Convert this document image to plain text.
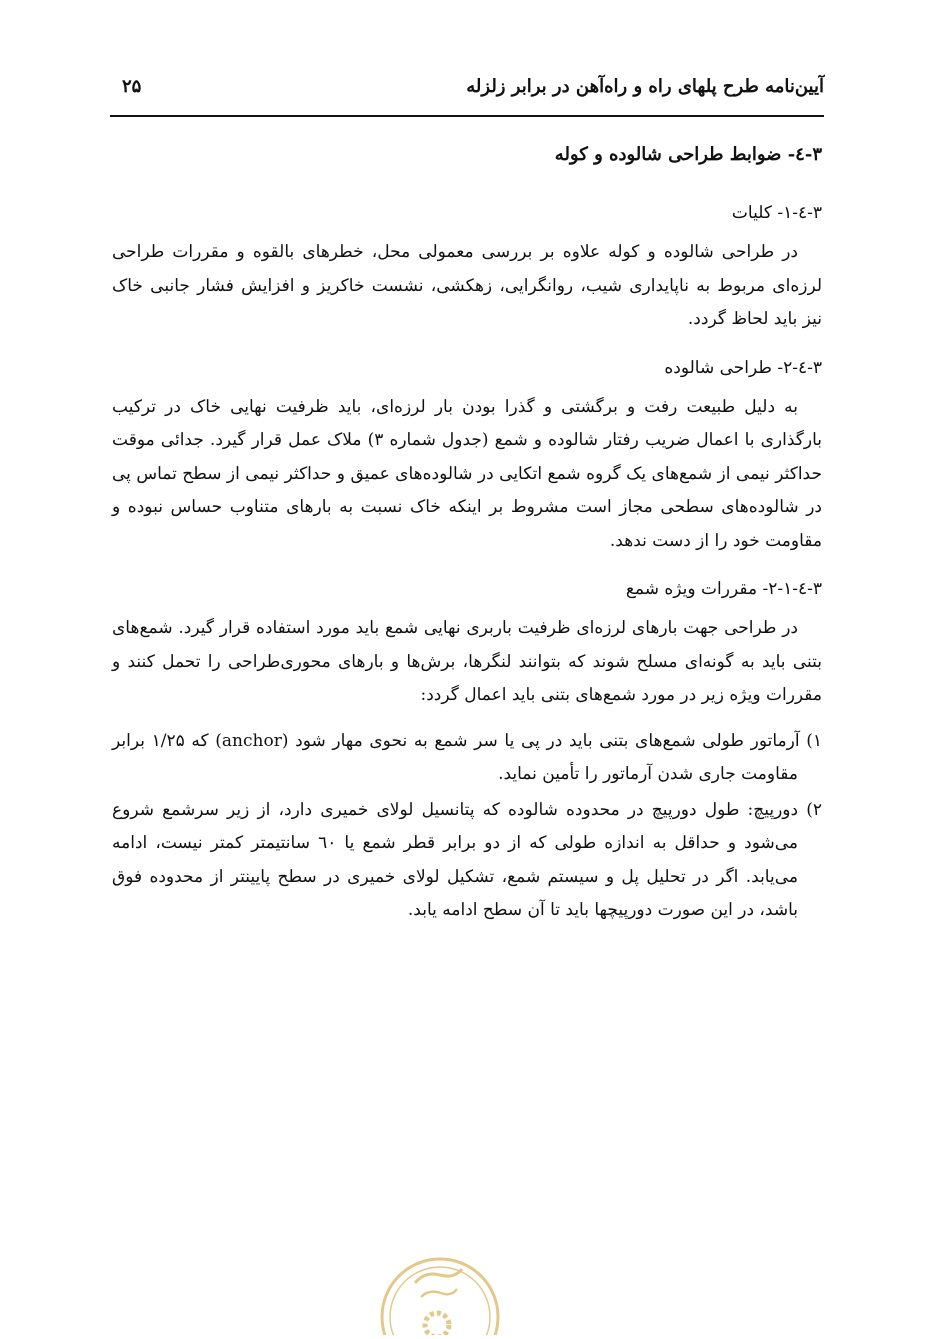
آیین‌نامه طرح پلهای راه و راه‌آهن در برابر زلزله
۲۵
۳-٤- ضوابط طراحی شالوده و کوله
۳-٤-۱- کلیات

در طراحی شالوده و کوله علاوه بر بررسی معمولی محل، خطرهای بالقوه و مقررات طراحی لرزه‌ای مربوط به ناپایداری شیب، روانگرایی، زهکشی، نشست خاکریز و افزایش فشار جانبی خاک نیز باید لحاظ گردد.

۳-٤-۲- طراحی شالوده

به دلیل طبیعت رفت و برگشتی و گذرا بودن بار لرزه‌ای، باید ظرفیت نهایی خاک در ترکیب بارگذاری با اعمال ضریب رفتار شالوده و شمع (جدول شماره ۳) ملاک عمل قرار گیرد. جدائی موقت حداکثر نیمی از شمع‌های یک گروه شمع اتکایی در شالوده‌های عمیق و حداکثر نیمی از سطح تماس پی در شالوده‌های سطحی مجاز است مشروط بر اینکه خاک نسبت به بارهای متناوب حساس نبوده و مقاومت خود را از دست ندهد.

۳-٤-۲-۱- مقررات ویژه شمع

در طراحی جهت بارهای لرزه‌ای ظرفیت باربری نهایی شمع باید مورد استفاده قرار گیرد. شمع‌های بتنی باید به گونه‌ای مسلح شوند که بتوانند لنگرها، برش‌ها و بارهای محوری‌طراحی را تحمل کنند و مقررات ویژه زیر در مورد شمع‌های بتنی باید اعمال گردد:

۱) آرماتور طولی شمع‌های بتنی باید در پی یا سر شمع به نحوی مهار شود (anchor) که ۱/۲۵ برابر مقاومت جاری شدن آرماتور را تأمین نماید.
۲) دورپیچ: طول دورپیچ در محدوده شالوده که پتانسیل لولای خمیری دارد، از زیر سرشمع شروع می‌شود و حداقل به اندازه طولی که از دو برابر قطر شمع یا ٦۰ سانتیمتر کمتر نیست، ادامه می‌یابد. اگر در تحلیل پل و سیستم شمع، تشکیل لولای خمیری در سطح پایینتر از محدوده فوق باشد، در این صورت دورپیچها باید تا آن سطح ادامه یابد.
